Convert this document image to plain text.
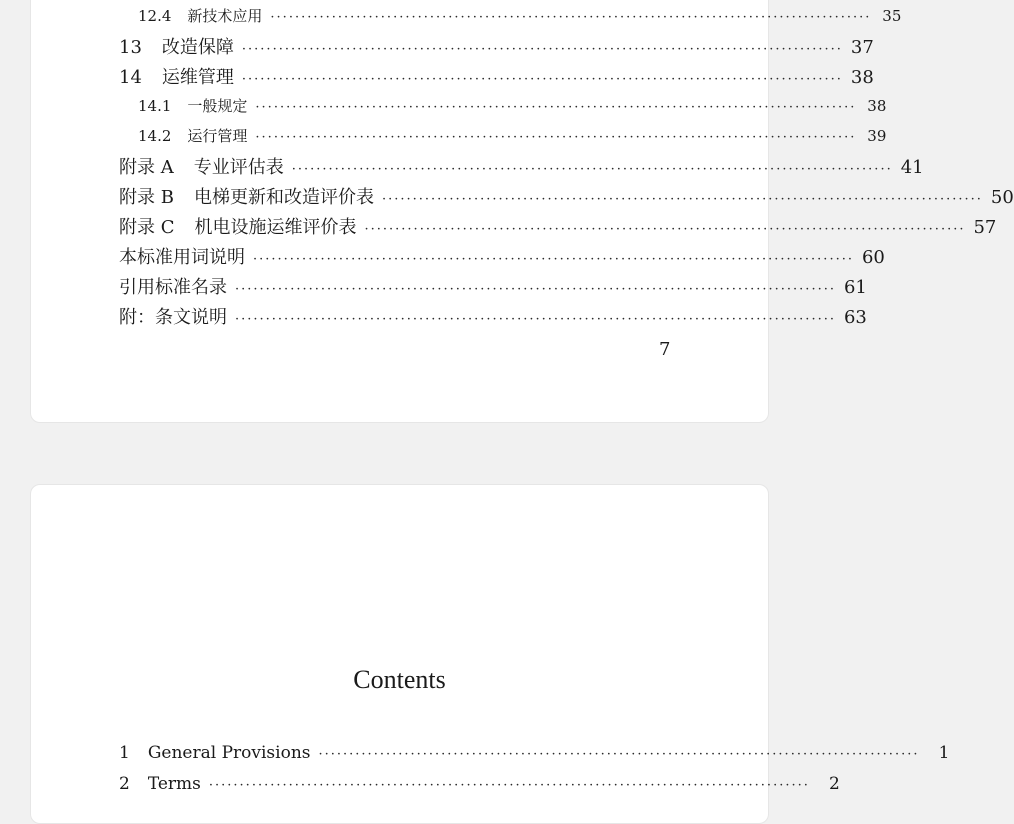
12.4 新技术应用 ·································································································· 35
13 改造保障 ·································································································· 37
14 运维管理 ·································································································· 38
14.1 一般规定 ·································································································· 38
14.2 运行管理 ·································································································· 39
附录 A 专业评估表 ·································································································· 41
附录 B 电梯更新和改造评价表 ·································································································· 50
附录 C 机电设施运维评价表 ·································································································· 57
本标准用词说明 ·································································································· 60
引用标准名录 ·································································································· 61
附：条文说明 ·································································································· 63
7
Contents
1 General Provisions ··································································································	1
2 Terms ··································································································	2
